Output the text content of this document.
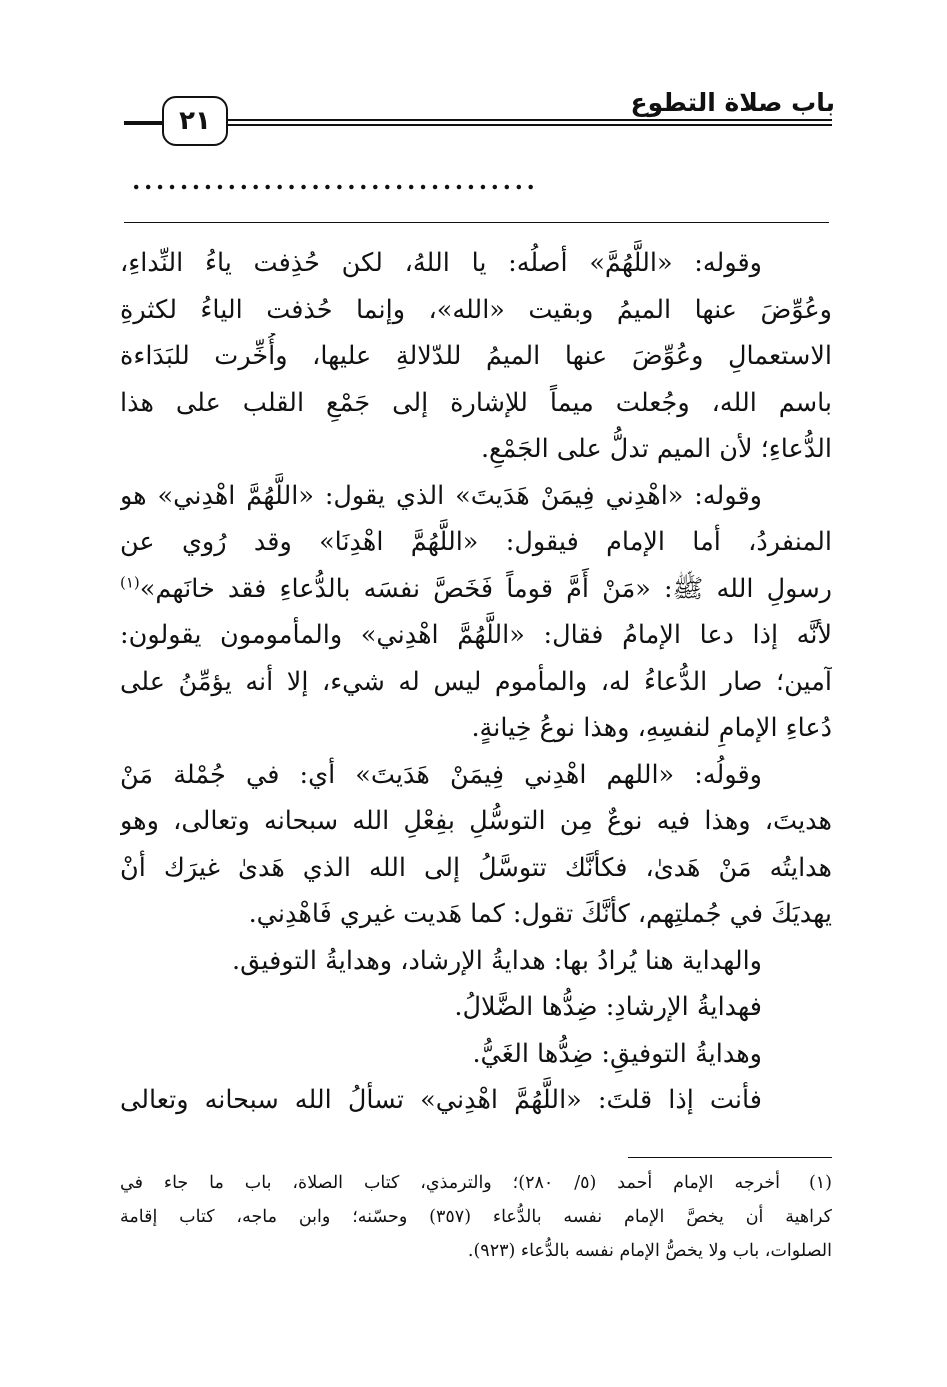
باب صلاة التطوع
٢١
..................................
وقوله: «اللَّهُمَّ» أصلُه: يا اللهُ، لكن حُذِفت ياءُ النِّداءِ،
وعُوِّضَ عنها الميمُ وبقيت «الله»، وإنما حُذفت الياءُ لكثرةِ
الاستعمالِ وعُوِّضَ عنها الميمُ للدّلالةِ عليها، وأُخِّرت للبَدَاءة
باسم الله، وجُعلت ميماً للإشارة إلى جَمْعِ القلب على هذا
الدُّعاءِ؛ لأن الميم تدلُّ على الجَمْعِ.
وقوله: «اهْدِني فِيمَنْ هَدَيتَ» الذي يقول: «اللَّهُمَّ اهْدِني» هو
المنفردُ، أما الإمام فيقول: «اللَّهُمَّ اهْدِنَا» وقد رُوي عن
رسولِ الله ﷺ: «مَنْ أَمَّ قوماً فَخَصَّ نفسَه بالدُّعاءِ فقد خانَهم»$^{(١)}$
لأنَّه إذا دعا الإمامُ فقال: «اللَّهُمَّ اهْدِني» والمأمومون يقولون:
آمين؛ صار الدُّعاءُ له، والمأموم ليس له شيء، إلا أنه يؤمِّنُ على
دُعاءِ الإمامِ لنفسِهِ، وهذا نوعُ خِيانةٍ.
وقولُه: «اللهم اهْدِني فِيمَنْ هَدَيتَ» أي: في جُمْلة مَنْ
هديتَ، وهذا فيه نوعٌ مِن التوسُّلِ بفِعْلِ الله سبحانه وتعالى، وهو
هدايتُه مَنْ هَدىٰ، فكأنَّك تتوسَّلُ إلى الله الذي هَدىٰ غيرَك أنْ
يهديَكَ في جُملتِهم، كأنَّكَ تقول: كما هَديت غيري فَاهْدِني.
والهداية هنا يُرادُ بها: هدايةُ الإرشاد، وهدايةُ التوفيق.
فهدايةُ الإرشادِ: ضِدُّها الضَّلالُ.
وهدايةُ التوفيقِ: ضِدُّها الغَيُّ.
فأنت إذا قلتَ: «اللَّهُمَّ اهْدِني» تسألُ الله سبحانه وتعالى
(١)
أخرجه الإمام أحمد (٥/ ٢٨٠)؛ والترمذي، كتاب الصلاة، باب ما جاء في
كراهية أن يخصَّ الإمام نفسه بالدُّعاء (٣٥٧) وحسّنه؛ وابن ماجه، كتاب إقامة
الصلوات، باب ولا يخصُّ الإمام نفسه بالدُّعاء (٩٢٣).
